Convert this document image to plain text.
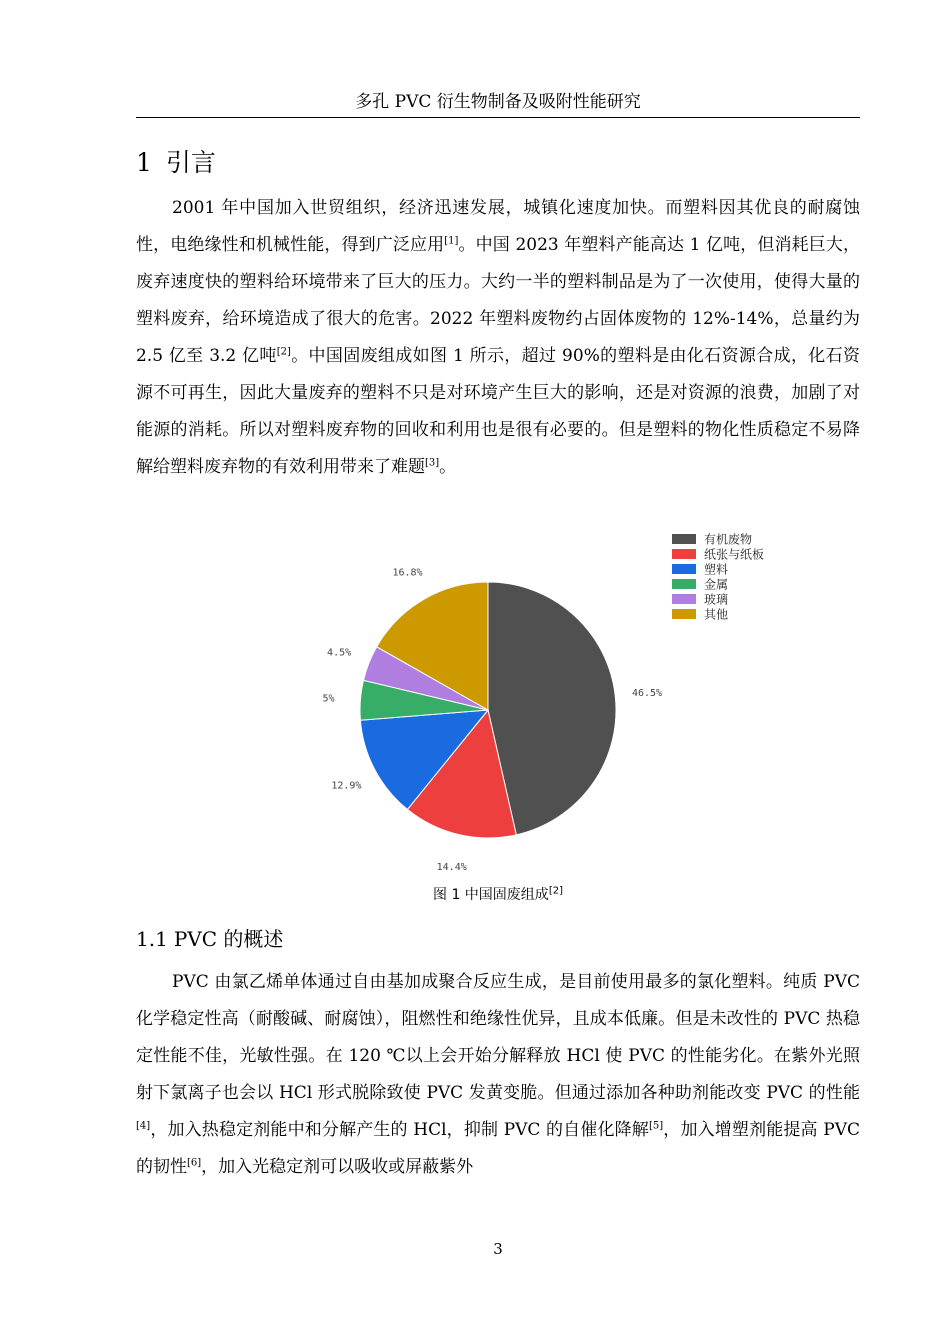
多孔 PVC 衍生物制备及吸附性能研究
1 引言

2001 年中国加入世贸组织，经济迅速发展，城镇化速度加快。而塑料因其优良的耐腐蚀性，电绝缘性和机械性能，得到广泛应用[1]。中国 2023 年塑料产能高达 1 亿吨，但消耗巨大，废弃速度快的塑料给环境带来了巨大的压力。大约一半的塑料制品是为了一次使用，使得大量的塑料废弃，给环境造成了很大的危害。2022 年塑料废物约占固体废物的 12%-14%，总量约为 2.5 亿至 3.2 亿吨[2]。中国固废组成如图 1 所示，超过 90%的塑料是由化石资源合成，化石资源不可再生，因此大量废弃的塑料不只是对环境产生巨大的影响，还是对资源的浪费，加剧了对能源的消耗。所以对塑料废弃物的回收和利用也是很有必要的。但是塑料的物化性质稳定不易降解给塑料废弃物的有效利用带来了难题[3]。

46.5%
14.4%
12.9%
5%
4.5%
16.8%
有机废物
纸张与纸板
塑料
金属
玻璃
其他
图 1 中国固废组成[2]
1.1 PVC 的概述

PVC 由氯乙烯单体通过自由基加成聚合反应生成，是目前使用最多的氯化塑料。纯质 PVC 化学稳定性高（耐酸碱、耐腐蚀），阻燃性和绝缘性优异，且成本低廉。但是未改性的 PVC 热稳定性能不佳，光敏性强。在 120 ℃以上会开始分解释放 HCl 使 PVC 的性能劣化。在紫外光照射下氯离子也会以 HCl 形式脱除致使 PVC 发黄变脆。但通过添加各种助剂能改变 PVC 的性能[4]，加入热稳定剂能中和分解产生的 HCl，抑制 PVC 的自催化降解[5]，加入增塑剂能提高 PVC 的韧性[6]，加入光稳定剂可以吸收或屏蔽紫外

3
